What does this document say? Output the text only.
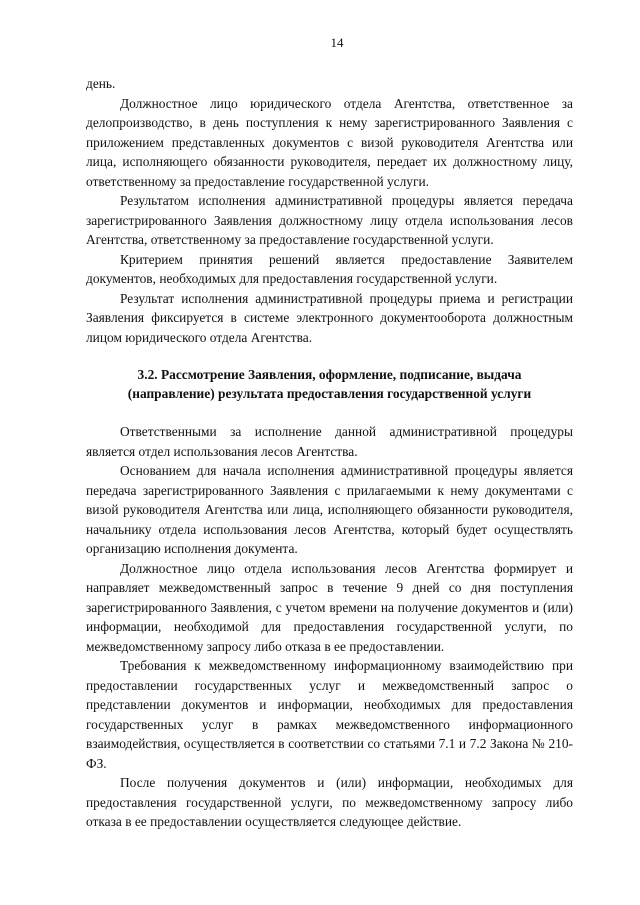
14

день.

Должностное лицо юридического отдела Агентства, ответственное за делопроизводство, в день поступления к нему зарегистрированного Заявления с приложением представленных документов с визой руководителя Агентства или лица, исполняющего обязанности руководителя, передает их должностному лицу, ответственному за предоставление государственной услуги.

Результатом исполнения административной процедуры является передача зарегистрированного Заявления должностному лицу отдела использования лесов Агентства, ответственному за предоставление государственной услуги.

Критерием принятия решений является предоставление Заявителем документов, необходимых для предоставления государственной услуги.

Результат исполнения административной процедуры приема и регистрации Заявления фиксируется в системе электронного документооборота должностным лицом юридического отдела Агентства.

3.2. Рассмотрение Заявления, оформление, подписание, выдача (направление) результата предоставления государственной услуги

Ответственными за исполнение данной административной процедуры является отдел использования лесов Агентства.

Основанием для начала исполнения административной процедуры является передача зарегистрированного Заявления с прилагаемыми к нему документами с визой руководителя Агентства или лица, исполняющего обязанности руководителя, начальнику отдела использования лесов Агентства, который будет осуществлять организацию исполнения документа.

Должностное лицо отдела использования лесов Агентства формирует и направляет межведомственный запрос в течение 9 дней со дня поступления зарегистрированного Заявления, с учетом времени на получение документов и (или) информации, необходимой для предоставления государственной услуги, по межведомственному запросу либо отказа в ее предоставлении.

Требования к межведомственному информационному взаимодействию при предоставлении государственных услуг и межведомственный запрос о представлении документов и информации, необходимых для предоставления государственных услуг в рамках межведомственного информационного взаимодействия, осуществляется в соответствии со статьями 7.1 и 7.2 Закона № 210-ФЗ.

После получения документов и (или) информации, необходимых для предоставления государственной услуги, по межведомственному запросу либо отказа в ее предоставлении осуществляется следующее действие.
